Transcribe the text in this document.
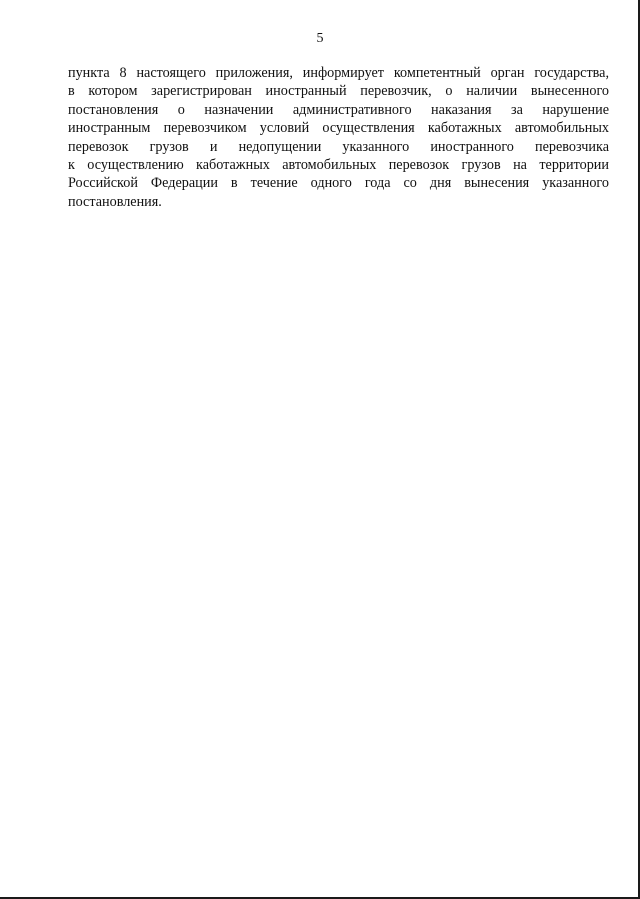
5
пункта 8 настоящего приложения, информирует компетентный орган государства,
в котором зарегистрирован иностранный перевозчик, о наличии вынесенного
постановления о назначении административного наказания за нарушение
иностранным перевозчиком условий осуществления каботажных автомобильных
перевозок грузов и недопущении указанного иностранного перевозчика
к осуществлению каботажных автомобильных перевозок грузов на территории
Российской Федерации в течение одного года со дня вынесения указанного
постановления.
